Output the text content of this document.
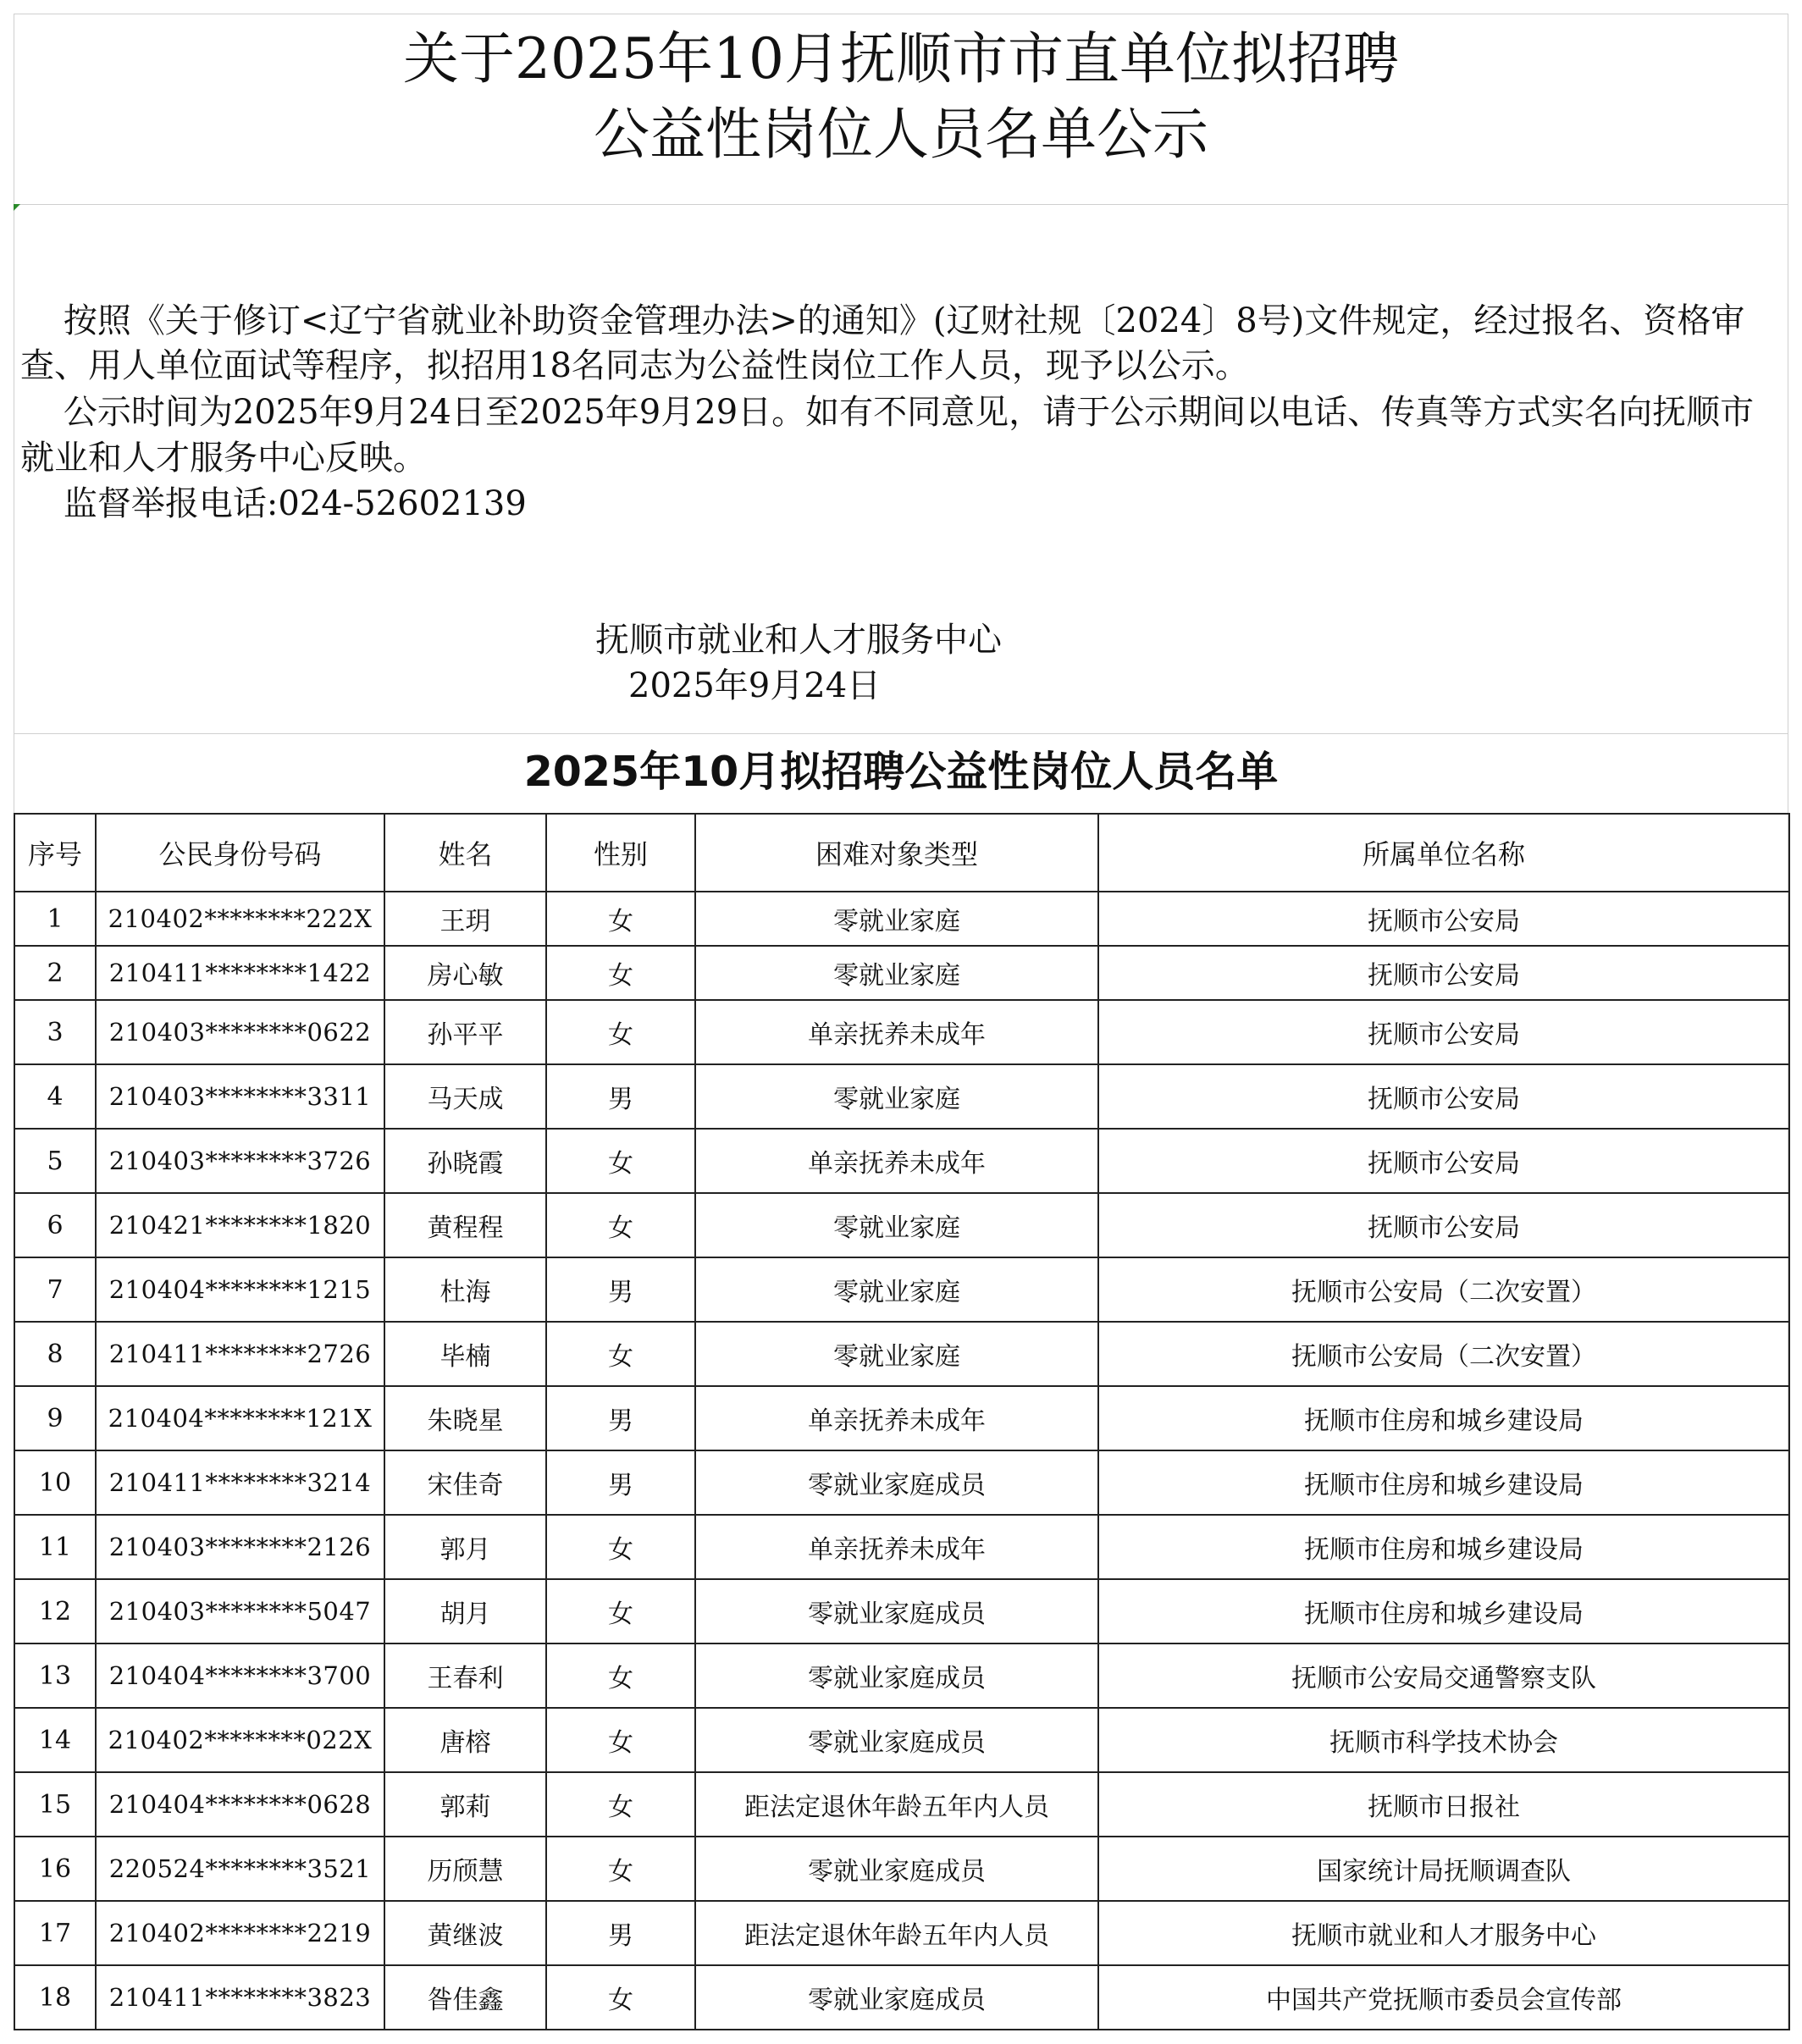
关于2025年10月抚顺市市直单位拟招聘
公益性岗位人员名单公示
按照《关于修订<辽宁省就业补助资金管理办法>的通知》(辽财社规〔2024〕8号)文件规定，经过报名、资格审
查、用人单位面试等程序，拟招用18名同志为公益性岗位工作人员，现予以公示。
公示时间为2025年9月24日至2025年9月29日。如有不同意见，请于公示期间以电话、传真等方式实名向抚顺市
就业和人才服务中心反映。
监督举报电话:024-52602139
抚顺市就业和人才服务中心
2025年9月24日
2025年10月拟招聘公益性岗位人员名单
序号	公民身份号码	姓名	性别	困难对象类型	所属单位名称
1	210402********222X	王玥	女	零就业家庭	抚顺市公安局
2	210411********1422	房心敏	女	零就业家庭	抚顺市公安局
3	210403********0622	孙平平	女	单亲抚养未成年	抚顺市公安局
4	210403********3311	马天成	男	零就业家庭	抚顺市公安局
5	210403********3726	孙晓霞	女	单亲抚养未成年	抚顺市公安局
6	210421********1820	黄程程	女	零就业家庭	抚顺市公安局
7	210404********1215	杜海	男	零就业家庭	抚顺市公安局（二次安置）
8	210411********2726	毕楠	女	零就业家庭	抚顺市公安局（二次安置）
9	210404********121X	朱晓星	男	单亲抚养未成年	抚顺市住房和城乡建设局
10	210411********3214	宋佳奇	男	零就业家庭成员	抚顺市住房和城乡建设局
11	210403********2126	郭月	女	单亲抚养未成年	抚顺市住房和城乡建设局
12	210403********5047	胡月	女	零就业家庭成员	抚顺市住房和城乡建设局
13	210404********3700	王春利	女	零就业家庭成员	抚顺市公安局交通警察支队
14	210402********022X	唐榕	女	零就业家庭成员	抚顺市科学技术协会
15	210404********0628	郭莉	女	距法定退休年龄五年内人员	抚顺市日报社
16	220524********3521	历颀慧	女	零就业家庭成员	国家统计局抚顺调查队
17	210402********2219	黄继波	男	距法定退休年龄五年内人员	抚顺市就业和人才服务中心
18	210411********3823	昝佳鑫	女	零就业家庭成员	中国共产党抚顺市委员会宣传部
